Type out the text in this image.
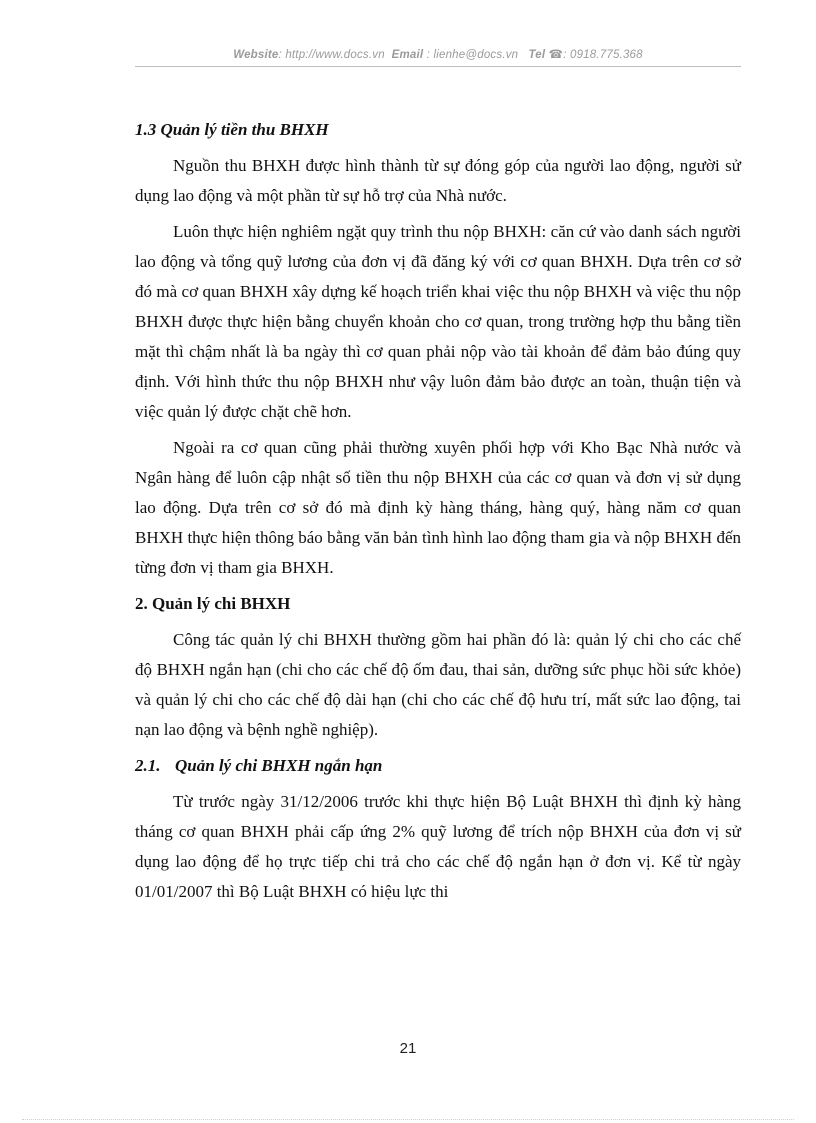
Website: http://www.docs.vn Email : lienhe@docs.vn Tel ☎: 0918.775.368

1.3 Quản lý tiền thu BHXH

Nguồn thu BHXH được hình thành từ sự đóng góp của người lao động, người sử dụng lao động và một phần từ sự hỗ trợ của Nhà nước.

Luôn thực hiện nghiêm ngặt quy trình thu nộp BHXH: căn cứ vào danh sách người lao động và tổng quỹ lương của đơn vị đã đăng ký với cơ quan BHXH. Dựa trên cơ sở đó mà cơ quan BHXH xây dựng kế hoạch triển khai việc thu nộp BHXH và việc thu nộp BHXH được thực hiện bằng chuyển khoản cho cơ quan, trong trường hợp thu bằng tiền mặt thì chậm nhất là ba ngày thì cơ quan phải nộp vào tài khoản để đảm bảo đúng quy định. Với hình thức thu nộp BHXH như vậy luôn đảm bảo được an toàn, thuận tiện và việc quản lý được chặt chẽ hơn.

Ngoài ra cơ quan cũng phải thường xuyên phối hợp với Kho Bạc Nhà nước và Ngân hàng để luôn cập nhật số tiền thu nộp BHXH của các cơ quan và đơn vị sử dụng lao động. Dựa trên cơ sở đó mà định kỳ hàng tháng, hàng quý, hàng năm cơ quan BHXH thực hiện thông báo bằng văn bản tình hình lao động tham gia và nộp BHXH đến từng đơn vị tham gia BHXH.

2. Quản lý chi BHXH

Công tác quản lý chi BHXH thường gồm hai phần đó là: quản lý chi cho các chế độ BHXH ngắn hạn (chi cho các chế độ ốm đau, thai sản, dưỡng sức phục hồi sức khỏe) và quản lý chi cho các chế độ dài hạn (chi cho các chế độ hưu trí, mất sức lao động, tai nạn lao động và bệnh nghề nghiệp).

2.1. Quản lý chi BHXH ngắn hạn

Từ trước ngày 31/12/2006 trước khi thực hiện Bộ Luật BHXH thì định kỳ hàng tháng cơ quan BHXH phải cấp ứng 2% quỹ lương để trích nộp BHXH của đơn vị sử dụng lao động để họ trực tiếp chi trả cho các chế độ ngắn hạn ở đơn vị. Kể từ ngày 01/01/2007 thì Bộ Luật BHXH có hiệu lực thi

21
